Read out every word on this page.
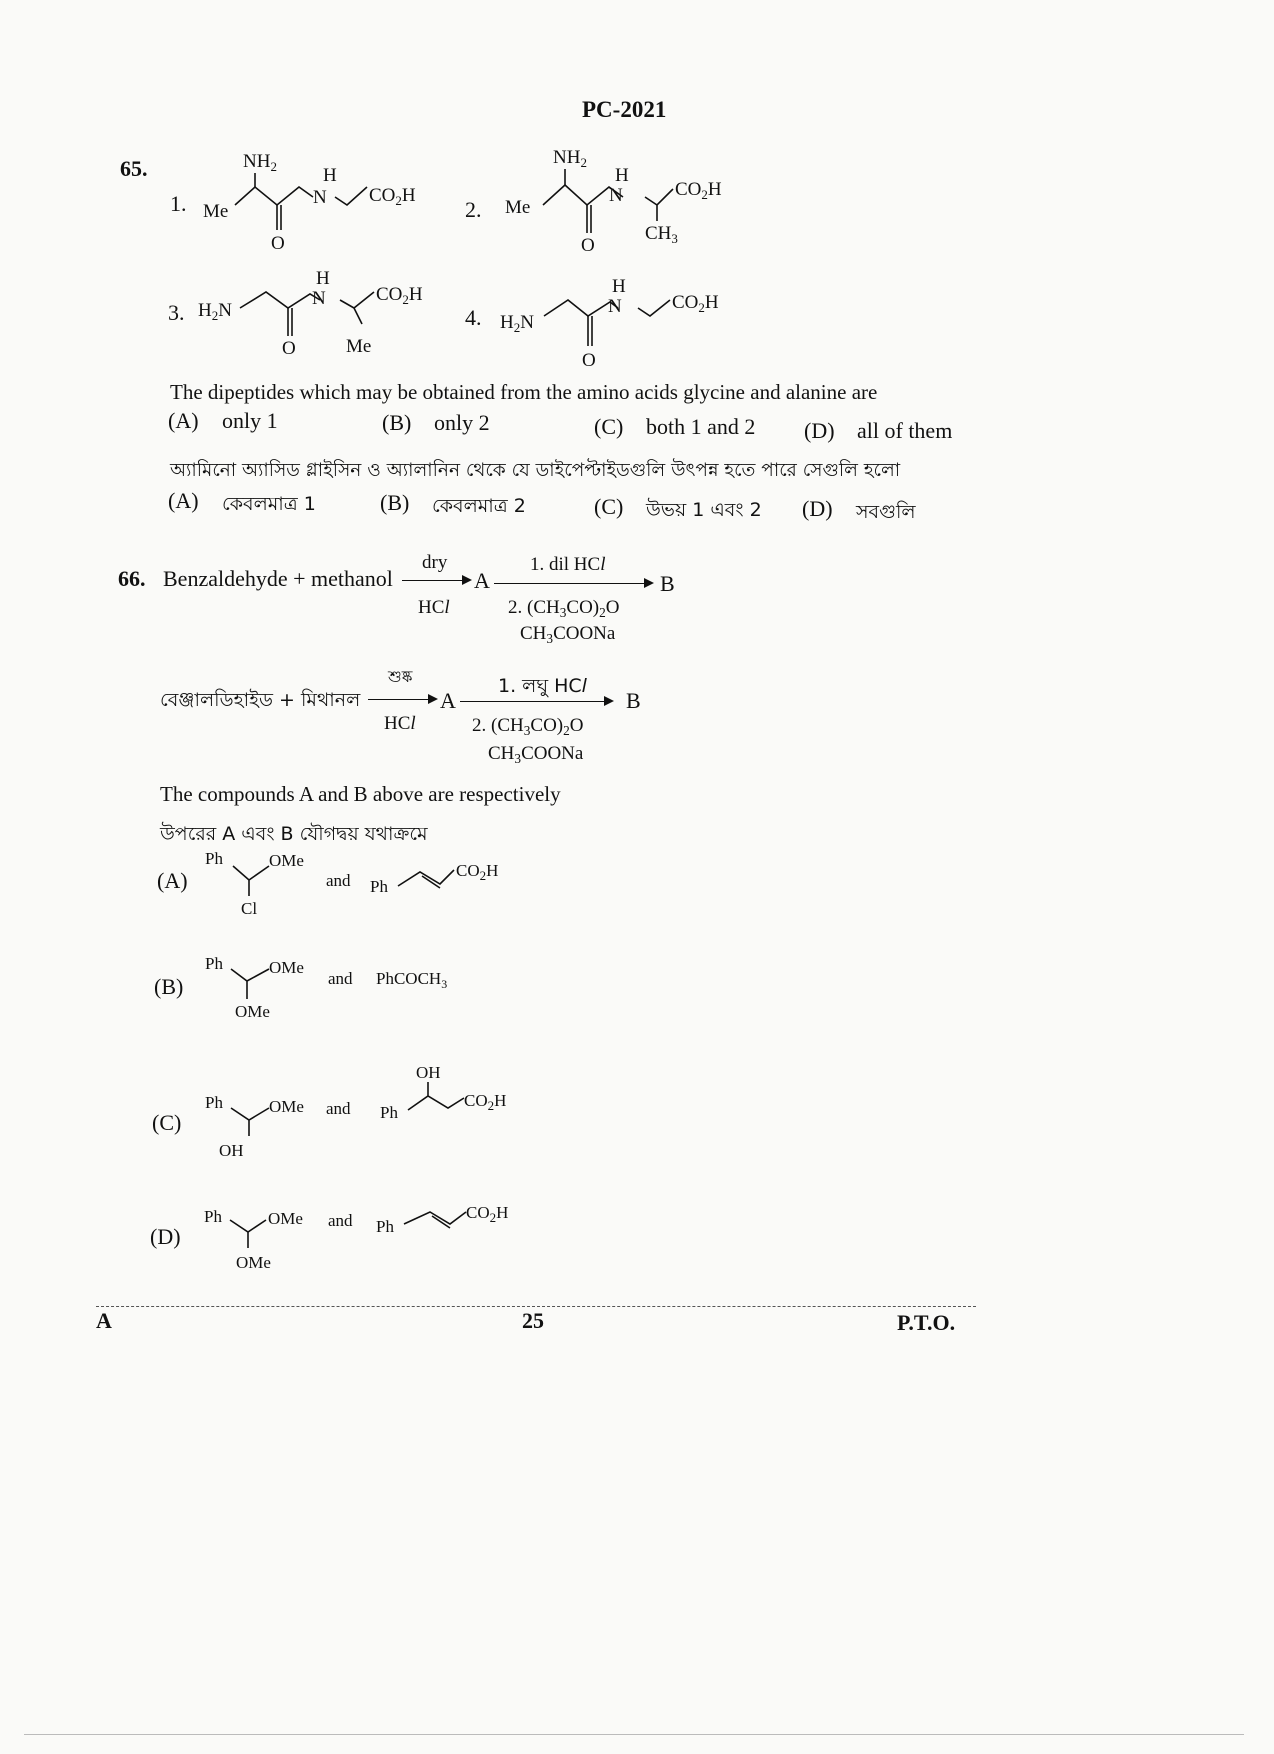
PC-2021
65.
1.
$NH_2$
Me
O
H
N $CO_2H$
2.
$NH_2$
Me
O
H
N	$CO_2H$
$CH_3$
3. $H_2N$
O
H
N	$CO_2H$
Me
4. $H_2N$
O
H
N	$CO_2H$
The dipeptides which may be obtained from the amino acids glycine and alanine are
(A) only 1	(B) only 2	(C) both 1 and 2 (D) all of them
অ্যামিনো অ্যাসিড গ্লাইসিন ও অ্যালানিন থেকে যে ডাইপেপ্টাইডগুলি উৎপন্ন হতে পারে সেগুলি হলো
(A) কেবলমাত্র 1	(B) কেবলমাত্র 2	(C) উভয় 1 এবং 2 (D) সবগুলি
66. Benzaldehyde + methanol
dry
HCl
A
1. dil HCl
2. $(CH_3CO)_2O$
$CH_3COONa$
B
বেঞ্জালডিহাইড + মিথানল
শুষ্ক
HCl
A
1. লঘু HCl
2. $(CH_3CO)_2O$
$CH_3COONa$
B
The compounds A and B above are respectively
উপরের A এবং B যৌগদ্বয় যথাক্রমে
(A)
Ph	OMe
Cl
and Ph
$CO_2H$
(B)
Ph	OMe
OMe
and PhCOCH$_3$
(C)
Ph	OMe
OH
and
OH
Ph
$CO_2H$
(D)
Ph	OMe
OMe
and Ph
$CO_2H$
A	25	P.T.O.
